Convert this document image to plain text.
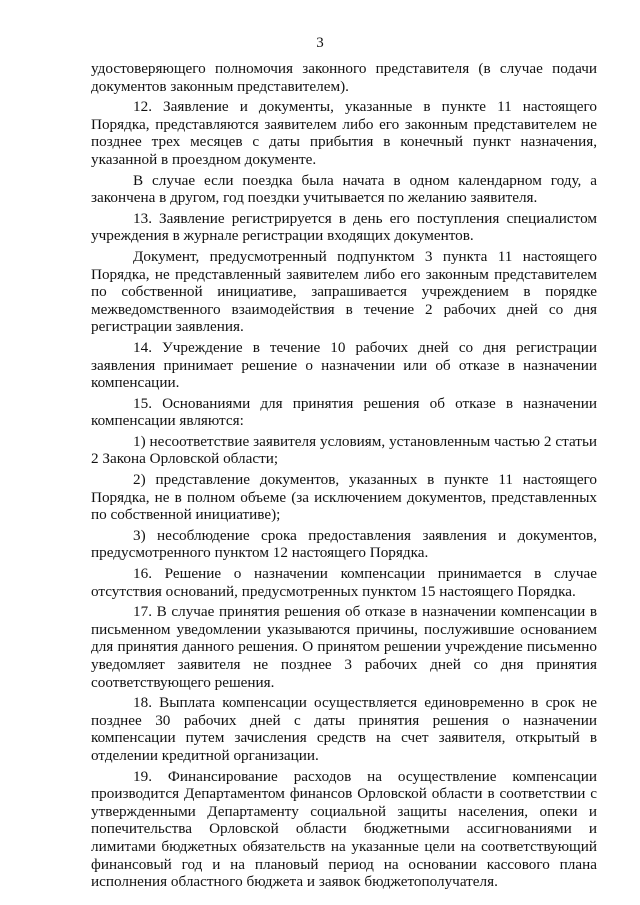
3

удостоверяющего полномочия законного представителя (в случае подачи документов законным представителем).

12. Заявление и документы, указанные в пункте 11 настоящего Порядка, представляются заявителем либо его законным представителем не позднее трех месяцев с даты прибытия в конечный пункт назначения, указанной в проездном документе.

В случае если поездка была начата в одном календарном году, а закончена в другом, год поездки учитывается по желанию заявителя.

13. Заявление регистрируется в день его поступления специалистом учреждения в журнале регистрации входящих документов.

Документ, предусмотренный подпунктом 3 пункта 11 настоящего Порядка, не представленный заявителем либо его законным представителем по собственной инициативе, запрашивается учреждением в порядке межведомственного взаимодействия в течение 2 рабочих дней со дня регистрации заявления.

14. Учреждение в течение 10 рабочих дней со дня регистрации заявления принимает решение о назначении или об отказе в назначении компенсации.

15. Основаниями для принятия решения об отказе в назначении компенсации являются:

1) несоответствие заявителя условиям, установленным частью 2 статьи 2 Закона Орловской области;

2) представление документов, указанных в пункте 11 настоящего Порядка, не в полном объеме (за исключением документов, представленных по собственной инициативе);

3) несоблюдение срока предоставления заявления и документов, предусмотренного пунктом 12 настоящего Порядка.

16. Решение о назначении компенсации принимается в случае отсутствия оснований, предусмотренных пунктом 15 настоящего Порядка.

17. В случае принятия решения об отказе в назначении компенсации в письменном уведомлении указываются причины, послужившие основанием для принятия данного решения. О принятом решении учреждение письменно уведомляет заявителя не позднее 3 рабочих дней со дня принятия соответствующего решения.

18. Выплата компенсации осуществляется единовременно в срок не позднее 30 рабочих дней с даты принятия решения о назначении компенсации путем зачисления средств на счет заявителя, открытый в отделении кредитной организации.

19. Финансирование расходов на осуществление компенсации производится Департаментом финансов Орловской области в соответствии с утвержденными Департаменту социальной защиты населения, опеки и попечительства Орловской области бюджетными ассигнованиями и лимитами бюджетных обязательств на указанные цели на соответствующий финансовый год и на плановый период на основании кассового плана исполнения областного бюджета и заявок бюджетополучателя.
